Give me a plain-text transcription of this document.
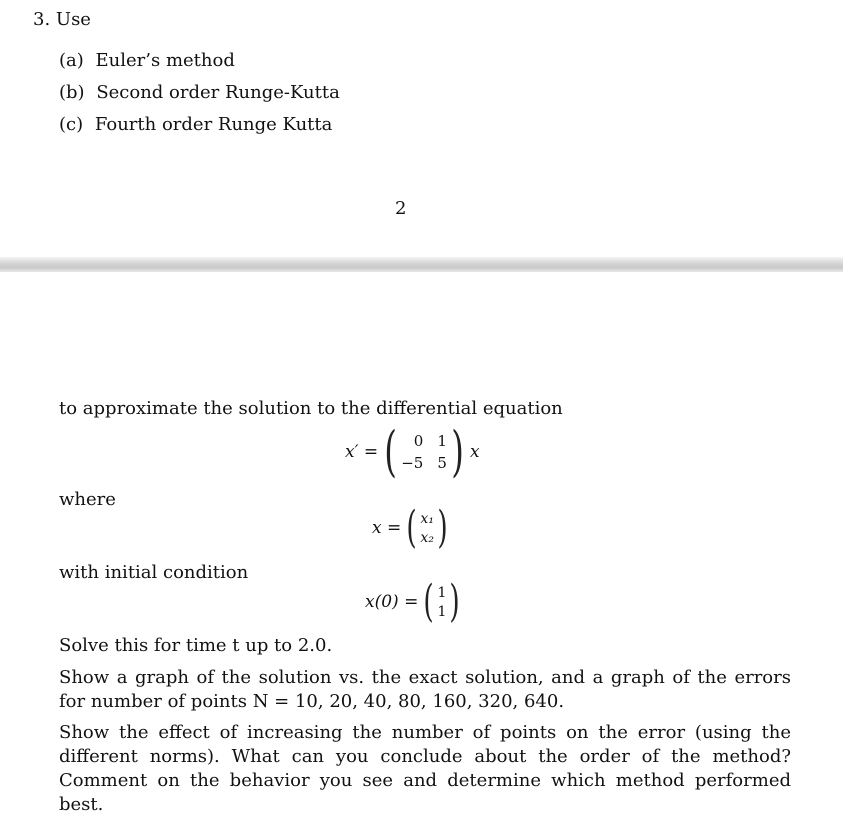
3. Use
(a) Euler’s method
(b) Second order Runge-Kutta
(c) Fourth order Runge Kutta
2
to approximate the solution to the differential equation
x′ = (	0 1
−5 5 ) x
where
x = ( x₁
x₂ )
with initial condition
x(0) = ( 1
1 )
Solve this for time t up to 2.0.
Show a graph of the solution vs. the exact solution, and a graph of the errors for number of points N = 10, 20, 40, 80, 160, 320, 640.
Show the effect of increasing the number of points on the error (using the different norms). What can you conclude about the order of the method? Comment on the behavior you see and determine which method performed best.
